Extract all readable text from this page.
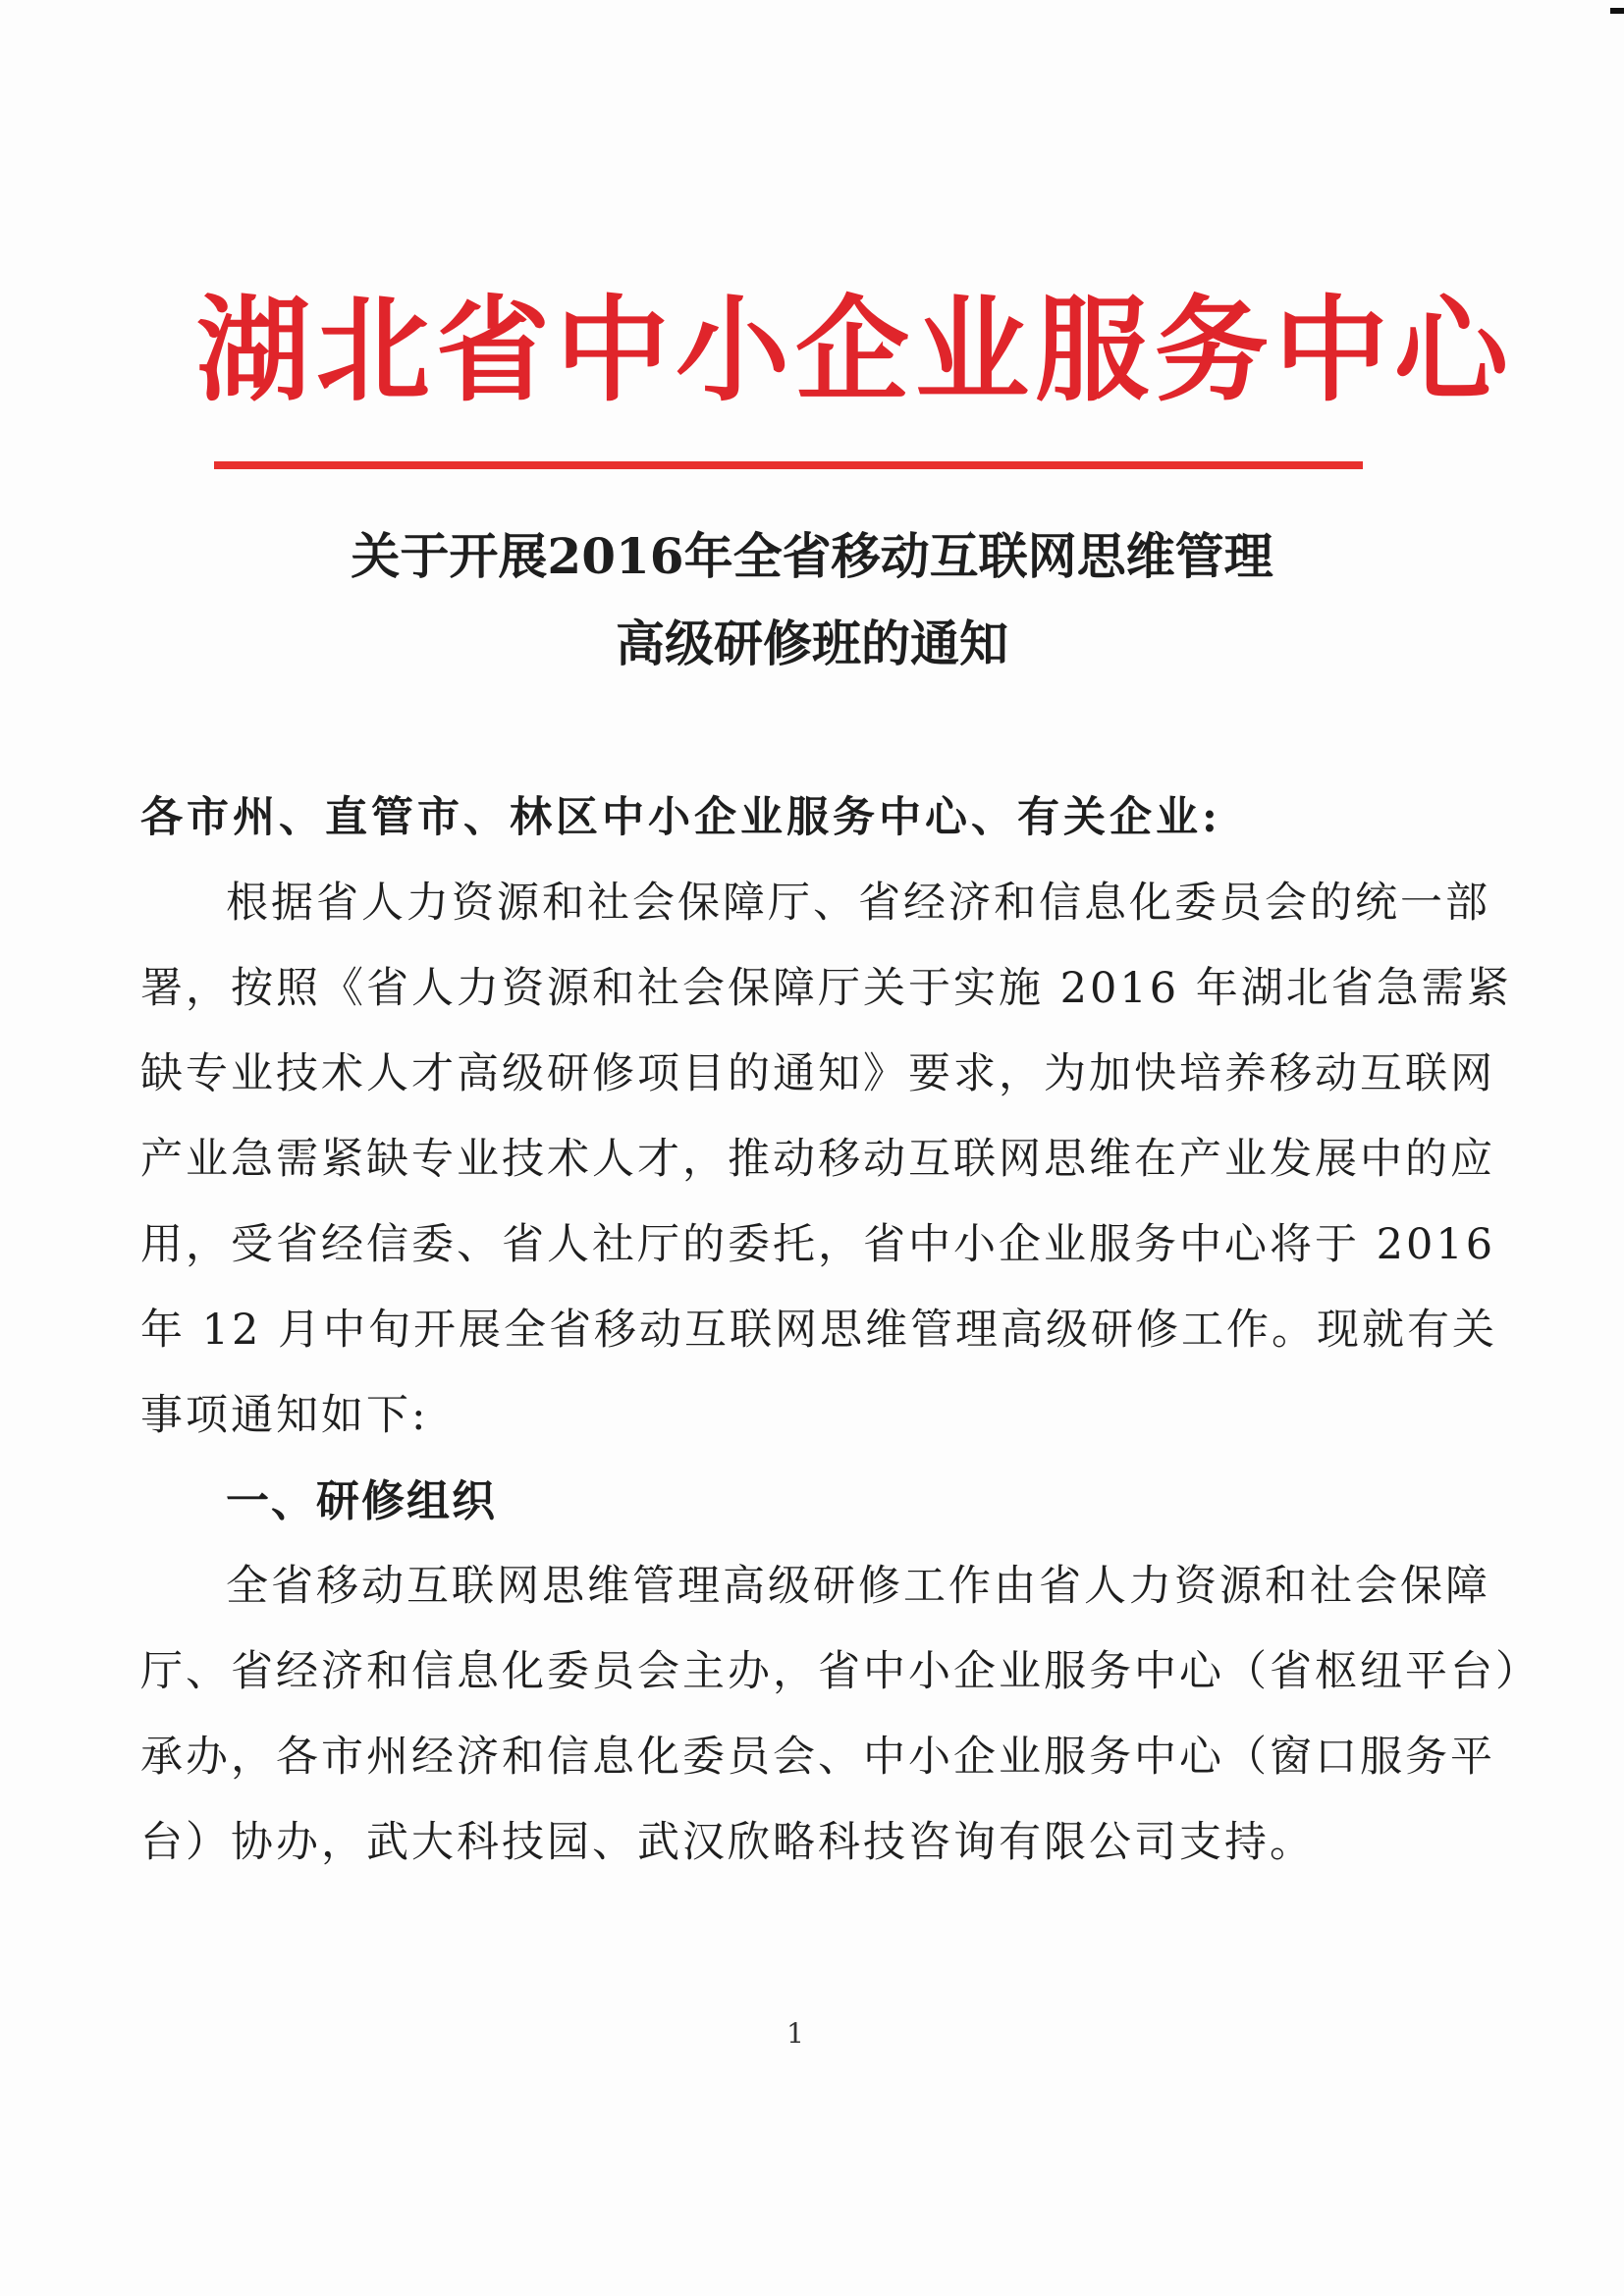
湖北省中小企业服务中心
关于开展2016年全省移动互联网思维管理
高级研修班的通知
各市州、直管市、林区中小企业服务中心、有关企业:
根据省人力资源和社会保障厅、省经济和信息化委员会的统一部
署，按照《省人力资源和社会保障厅关于实施 2016 年湖北省急需紧
缺专业技术人才高级研修项目的通知》要求，为加快培养移动互联网
产业急需紧缺专业技术人才，推动移动互联网思维在产业发展中的应
用，受省经信委、省人社厅的委托，省中小企业服务中心将于 2016
年 12 月中旬开展全省移动互联网思维管理高级研修工作。现就有关
事项通知如下:
一、研修组织
全省移动互联网思维管理高级研修工作由省人力资源和社会保障
厅、省经济和信息化委员会主办，省中小企业服务中心（省枢纽平台）
承办，各市州经济和信息化委员会、中小企业服务中心（窗口服务平
台）协办，武大科技园、武汉欣略科技咨询有限公司支持。
1
